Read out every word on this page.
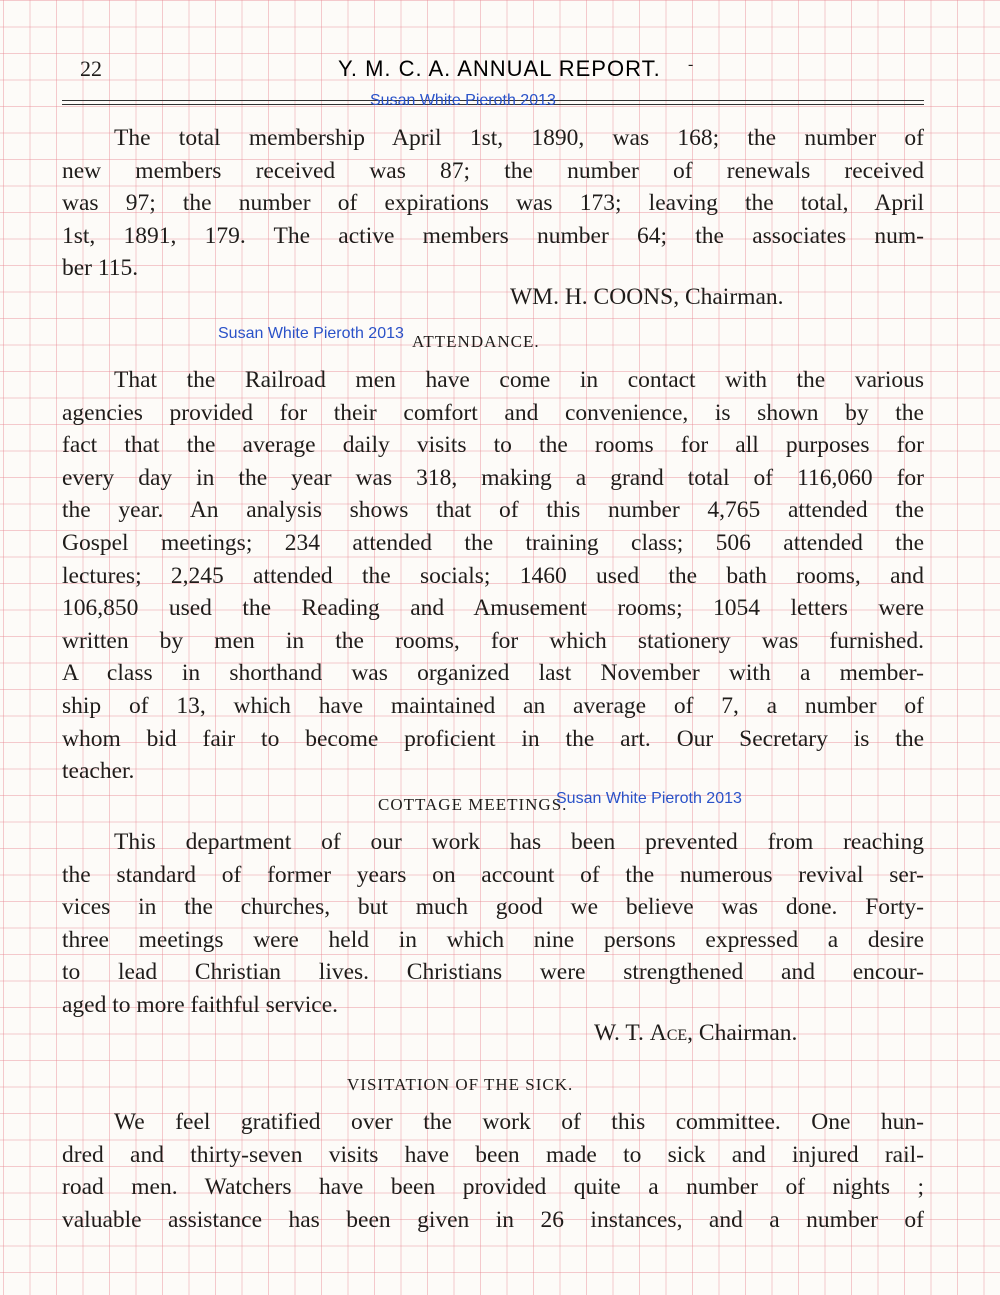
22	Y. M. C. A. ANNUAL REPORT. -
The total membership April 1st, 1890, was 168; the number of
new members received was 87; the number of renewals received
was 97; the number of expirations was 173; leaving the total, April
1st, 1891, 179. The active members number 64; the associates num-
ber 115.
WM. H. COONS, Chairman.
ATTENDANCE.
That the Railroad men have come in contact with the various
agencies provided for their comfort and convenience, is shown by the
fact that the average daily visits to the rooms for all purposes for
every day in the year was 318, making a grand total of 116,060 for
the year. An analysis shows that of this number 4,765 attended the
Gospel meetings; 234 attended the training class; 506 attended the
lectures; 2,245 attended the socials; 1460 used the bath rooms, and
106,850 used the Reading and Amusement rooms; 1054 letters were
written by men in the rooms, for which stationery was furnished.
A class in shorthand was organized last November with a member-
ship of 13, which have maintained an average of 7, a number of
whom bid fair to become proficient in the art. Our Secretary is the
teacher.
COTTAGE MEETINGS.
This department of our work has been prevented from reaching
the standard of former years on account of the numerous revival ser-
vices in the churches, but much good we believe was done. Forty-
three meetings were held in which nine persons expressed a desire
to lead Christian lives. Christians were strengthened and encour-
aged to more faithful service.
W. T. Ace, Chairman.
VISITATION OF THE SICK.
We feel gratified over the work of this committee. One hun-
dred and thirty-seven visits have been made to sick and injured rail-
road men. Watchers have been provided quite a number of nights ;
valuable assistance has been given in 26 instances, and a number of
Susan White Pieroth 2013
Susan White Pieroth 2013
Susan White Pieroth 2013
